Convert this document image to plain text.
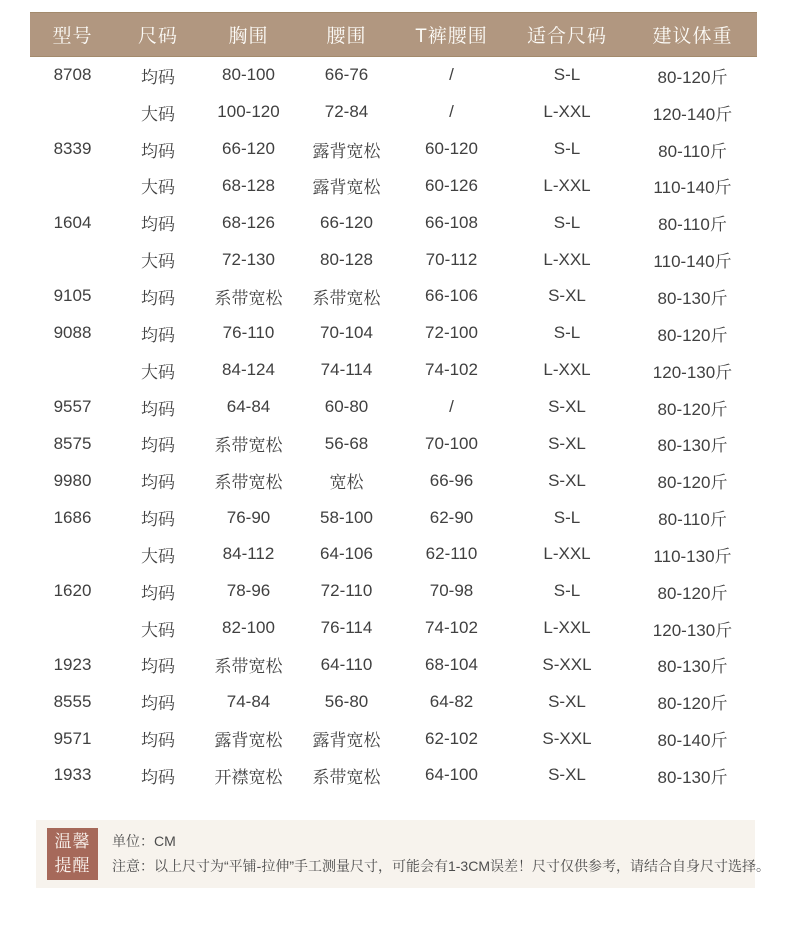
型号	尺码	胸围	腰围	T裤腰围	适合尺码	建议体重
8708	均码	80-100	66-76	/	S-L	80-120斤
	大码	100-120	72-84	/	L-XXL	120-140斤
8339	均码	66-120	露背宽松	60-120	S-L	80-110斤
	大码	68-128	露背宽松	60-126	L-XXL	110-140斤
1604	均码	68-126	66-120	66-108	S-L	80-110斤
	大码	72-130	80-128	70-112	L-XXL	110-140斤
9105	均码	系带宽松	系带宽松	66-106	S-XL	80-130斤
9088	均码	76-110	70-104	72-100	S-L	80-120斤
	大码	84-124	74-114	74-102	L-XXL	120-130斤
9557	均码	64-84	60-80	/	S-XL	80-120斤
8575	均码	系带宽松	56-68	70-100	S-XL	80-130斤
9980	均码	系带宽松	宽松	66-96	S-XL	80-120斤
1686	均码	76-90	58-100	62-90	S-L	80-110斤
	大码	84-112	64-106	62-110	L-XXL	110-130斤
1620	均码	78-96	72-110	70-98	S-L	80-120斤
	大码	82-100	76-114	74-102	L-XXL	120-130斤
1923	均码	系带宽松	64-110	68-104	S-XXL	80-130斤
8555	均码	74-84	56-80	64-82	S-XL	80-120斤
9571	均码	露背宽松	露背宽松	62-102	S-XXL	80-140斤
1933	均码	开襟宽松	系带宽松	64-100	S-XL	80-130斤
温馨
提醒
单位：CM
注意：以上尺寸为“平铺-拉伸”手工测量尺寸，可能会有1-3CM误差！尺寸仅供参考，请结合自身尺寸选择。
